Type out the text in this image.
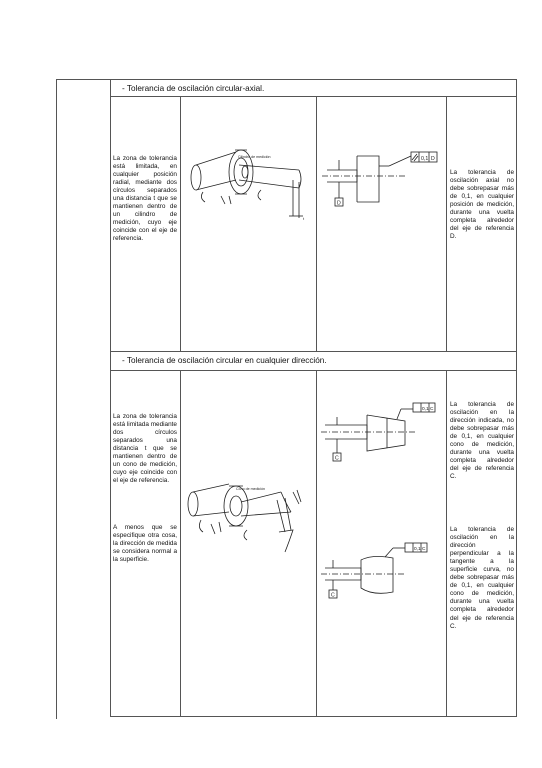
- Tolerancia de oscilación circular-axial.
La zona de tolerancia está limitada, en cualquier posición radial, mediante dos círculos separados una distancia t que se mantienen dentro de un cilindro de medición, cuyo eje coincide con el eje de referencia.
Cilindro de medición
t
0,1 D
D
La tolerancia de oscilación axial no debe sobrepasar más de 0,1, en cualquier posición de medición, durante una vuelta completa alrededor del eje de referencia D.
- Tolerancia de oscilación circular en cualquier dirección.
La zona de tolerancia está limitada mediante dos círculos separados una distancia t que se mantienen dentro de un cono de medición, cuyo eje coincide con el eje de referencia.
A menos que se especifique otra cosa, la dirección de medida se considera normal a la superficie.
Cono de medición
0,1 C
C
0,1 C
C
La tolerancia de oscilación en la dirección indicada, no debe sobrepasar más de 0,1, en cualquier cono de medición, durante una vuelta completa alrededor del eje de referencia C.
La tolerancia de oscilación en la dirección perpendicular a la tangente a la superficie curva, no debe sobrepasar más de 0,1, en cualquier cono de medición, durante una vuelta completa alrededor del eje de referencia C.
